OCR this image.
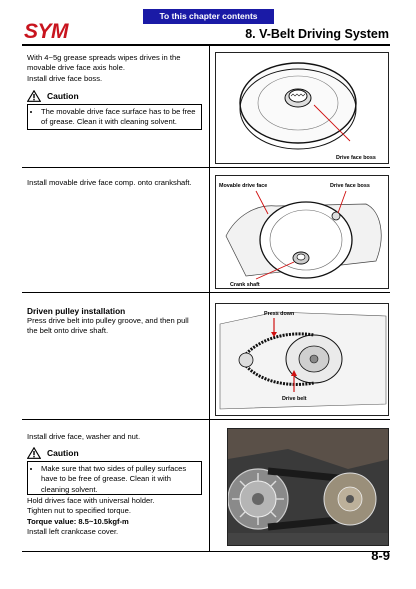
To this chapter contents
SYM	8. V-Belt Driving System
With 4~5g grease spreads wipes drives in the
movable drive face axis hole.
Install drive face boss.
Caution
• The movable drive face surface has to be free
of grease. Clean it with cleaning solvent.
Drive face boss
Install movable drive face comp. onto crankshaft.	Movable drive face	Drive face boss
Crank shaft
Driven pulley installation
Press drive belt into pulley groove, and then pull
the belt onto drive shaft.
Press down
Drive belt
Install drive face, washer and nut.
Caution
• Make sure that two sides of pulley surfaces
have to be free of grease. Clean it with
cleaning solvent.
Hold drives face with universal holder.
Tighten nut to specified torque.
Torque value: 8.5~10.5kgf-m
Install left crankcase cover.
8-9
